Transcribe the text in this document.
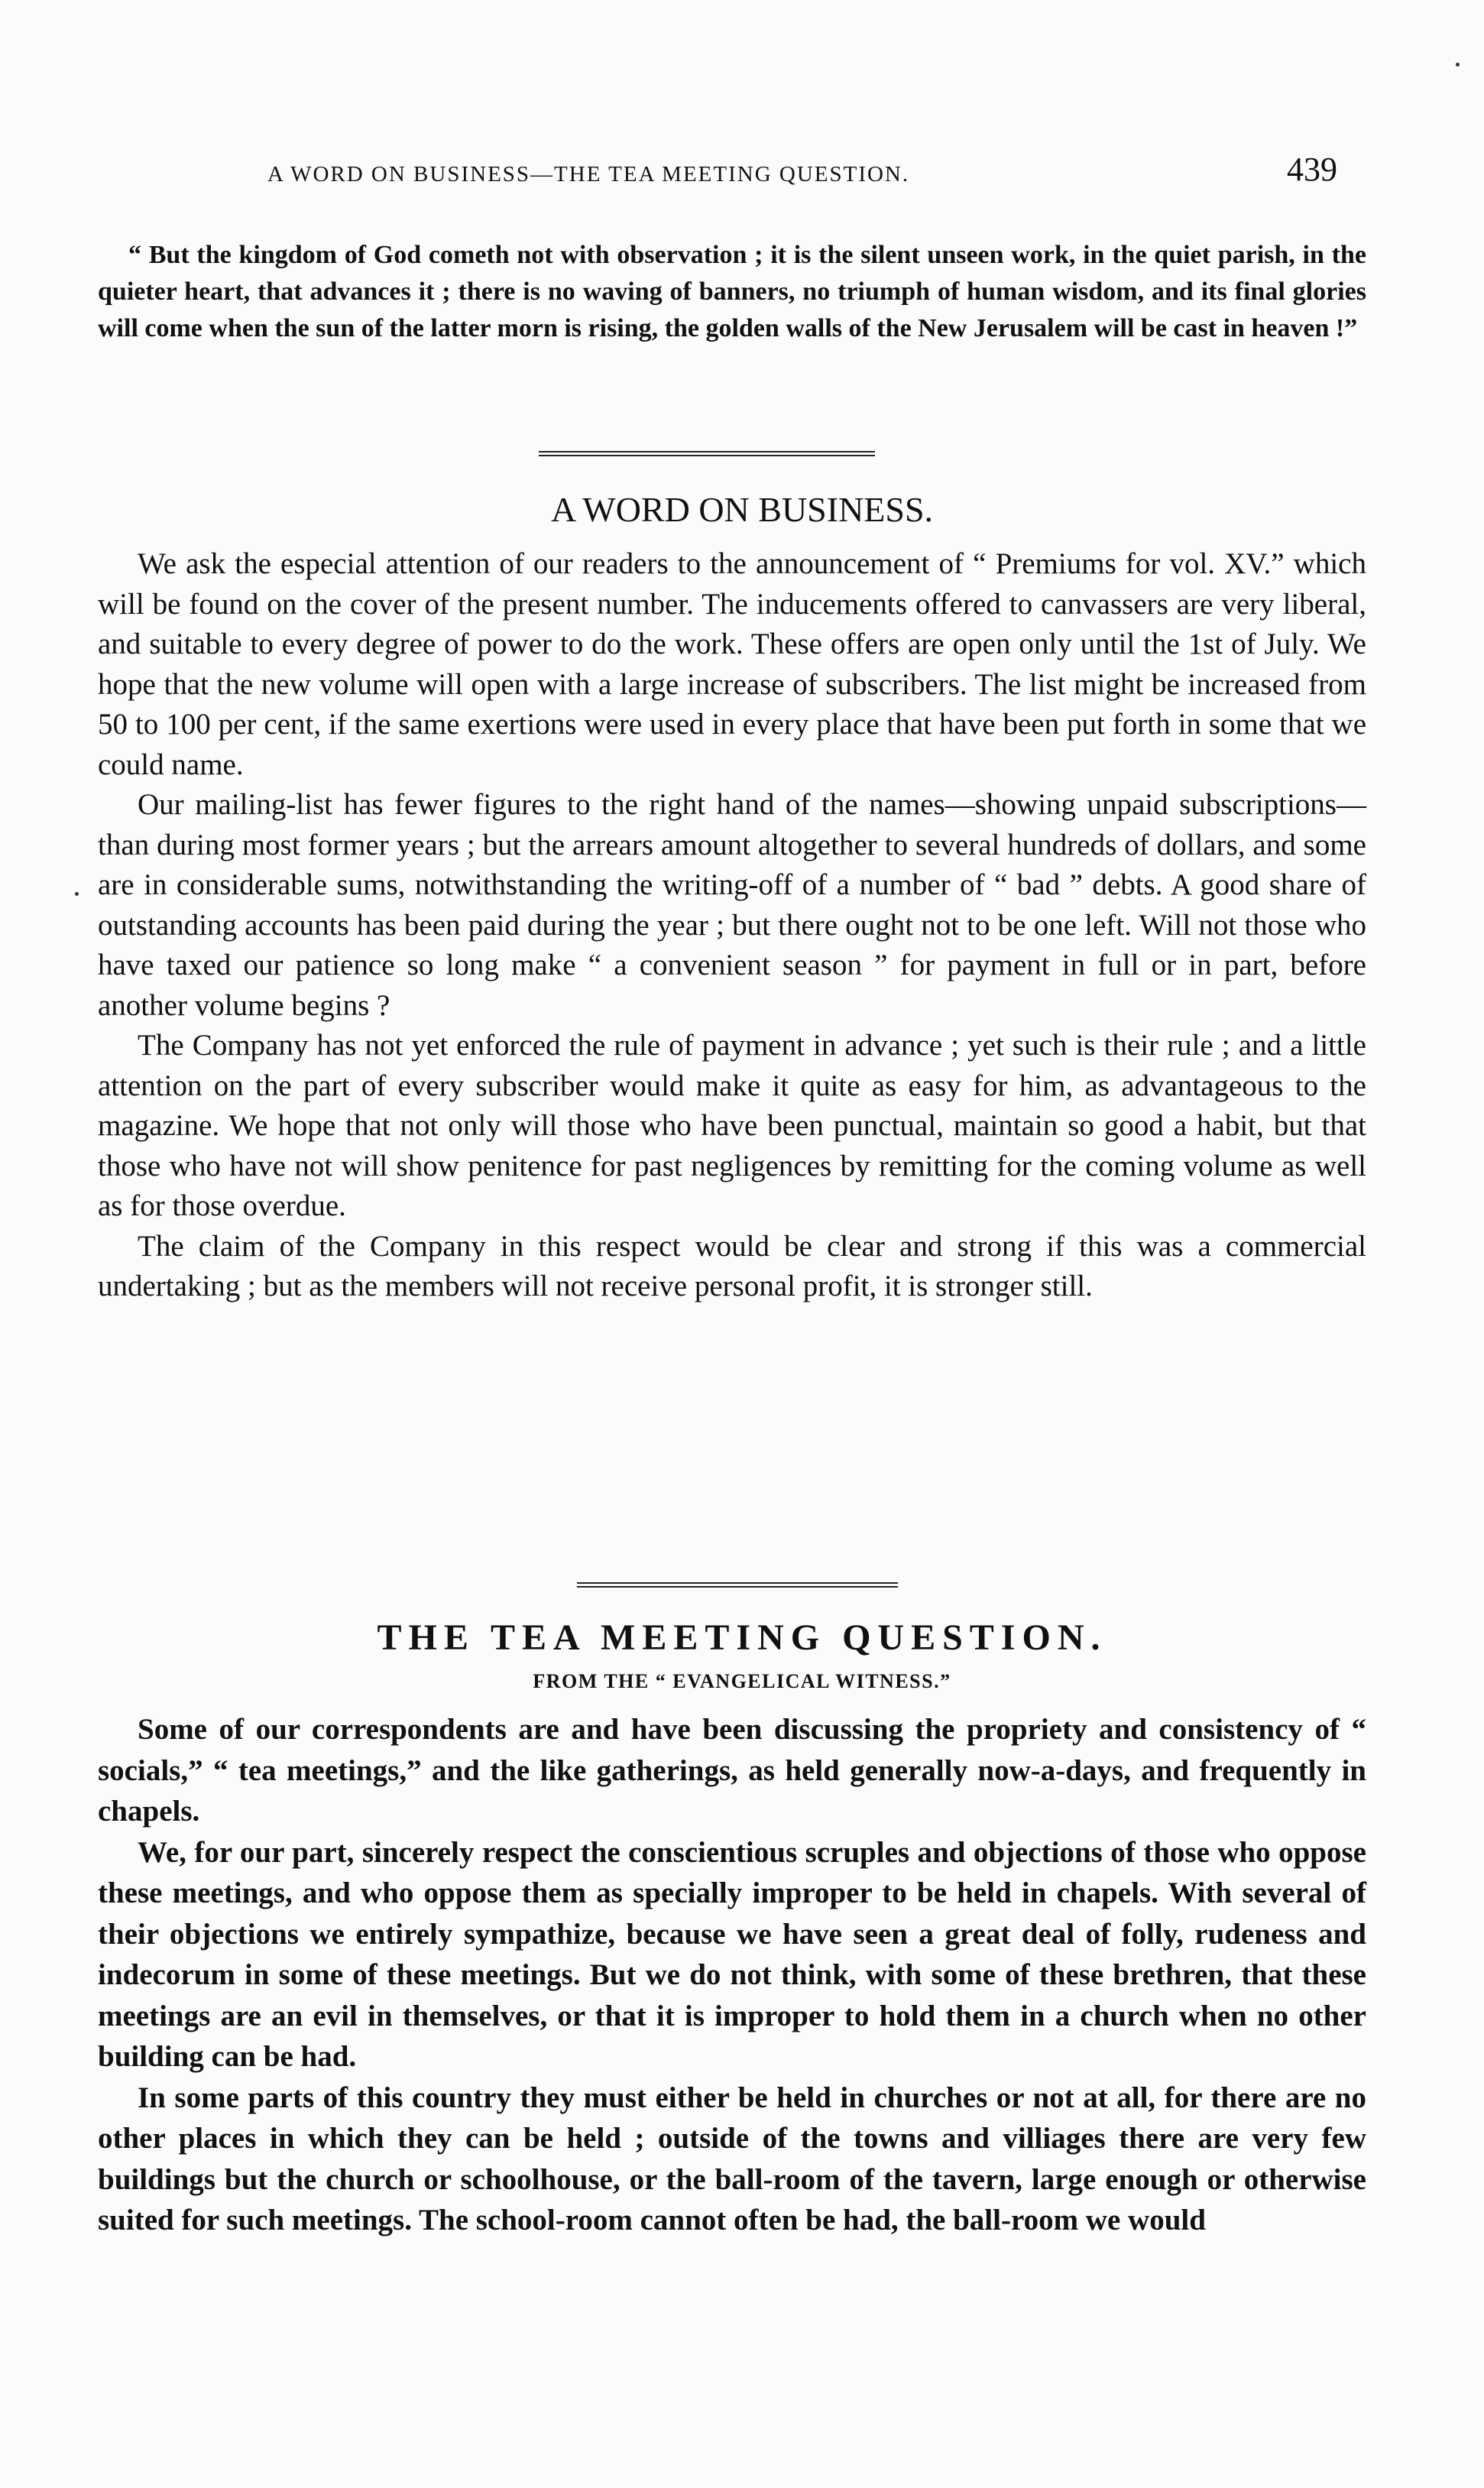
A WORD ON BUSINESS—THE TEA MEETING QUESTION.	439

“ But the kingdom of God cometh not with observation ; it is the silent unseen work, in the quiet parish, in the quieter heart, that advances it ; there is no waving of banners, no triumph of human wisdom, and its final glories will come when the sun of the latter morn is rising, the golden walls of the New Jerusalem will be cast in heaven !”

A WORD ON BUSINESS.

We ask the especial attention of our readers to the announcement of “ Premiums for vol. XV.” which will be found on the cover of the present number. The inducements offered to canvassers are very liberal, and suitable to every degree of power to do the work. These offers are open only until the 1st of July. We hope that the new volume will open with a large increase of subscribers. The list might be increased from 50 to 100 per cent, if the same exertions were used in every place that have been put forth in some that we could name.

Our mailing-list has fewer figures to the right hand of the names—showing unpaid subscriptions—than during most former years ; but the arrears amount altogether to several hundreds of dollars, and some are in considerable sums, notwithstanding the writing-off of a number of “ bad ” debts. A good share of outstanding accounts has been paid during the year ; but there ought not to be one left. Will not those who have taxed our patience so long make “ a convenient season ” for payment in full or in part, before another volume begins ?

The Company has not yet enforced the rule of payment in advance ; yet such is their rule ; and a little attention on the part of every subscriber would make it quite as easy for him, as advantageous to the magazine. We hope that not only will those who have been punctual, maintain so good a habit, but that those who have not will show penitence for past negligences by remitting for the coming volume as well as for those overdue.

The claim of the Company in this respect would be clear and strong if this was a commercial undertaking ; but as the members will not receive personal profit, it is stronger still.

THE TEA MEETING QUESTION.
FROM THE “ EVANGELICAL WITNESS.”

Some of our correspondents are and have been discussing the propriety and consistency of “ socials,” “ tea meetings,” and the like gatherings, as held generally now-a-days, and frequently in chapels.

We, for our part, sincerely respect the conscientious scruples and objections of those who oppose these meetings, and who oppose them as specially improper to be held in chapels. With several of their objections we entirely sympathize, because we have seen a great deal of folly, rudeness and indecorum in some of these meetings. But we do not think, with some of these brethren, that these meetings are an evil in themselves, or that it is improper to hold them in a church when no other building can be had.

In some parts of this country they must either be held in churches or not at all, for there are no other places in which they can be held ; outside of the towns and villiages there are very few buildings but the church or schoolhouse, or the ball-room of the tavern, large enough or otherwise suited for such meetings. The school-room cannot often be had, the ball-room we would
